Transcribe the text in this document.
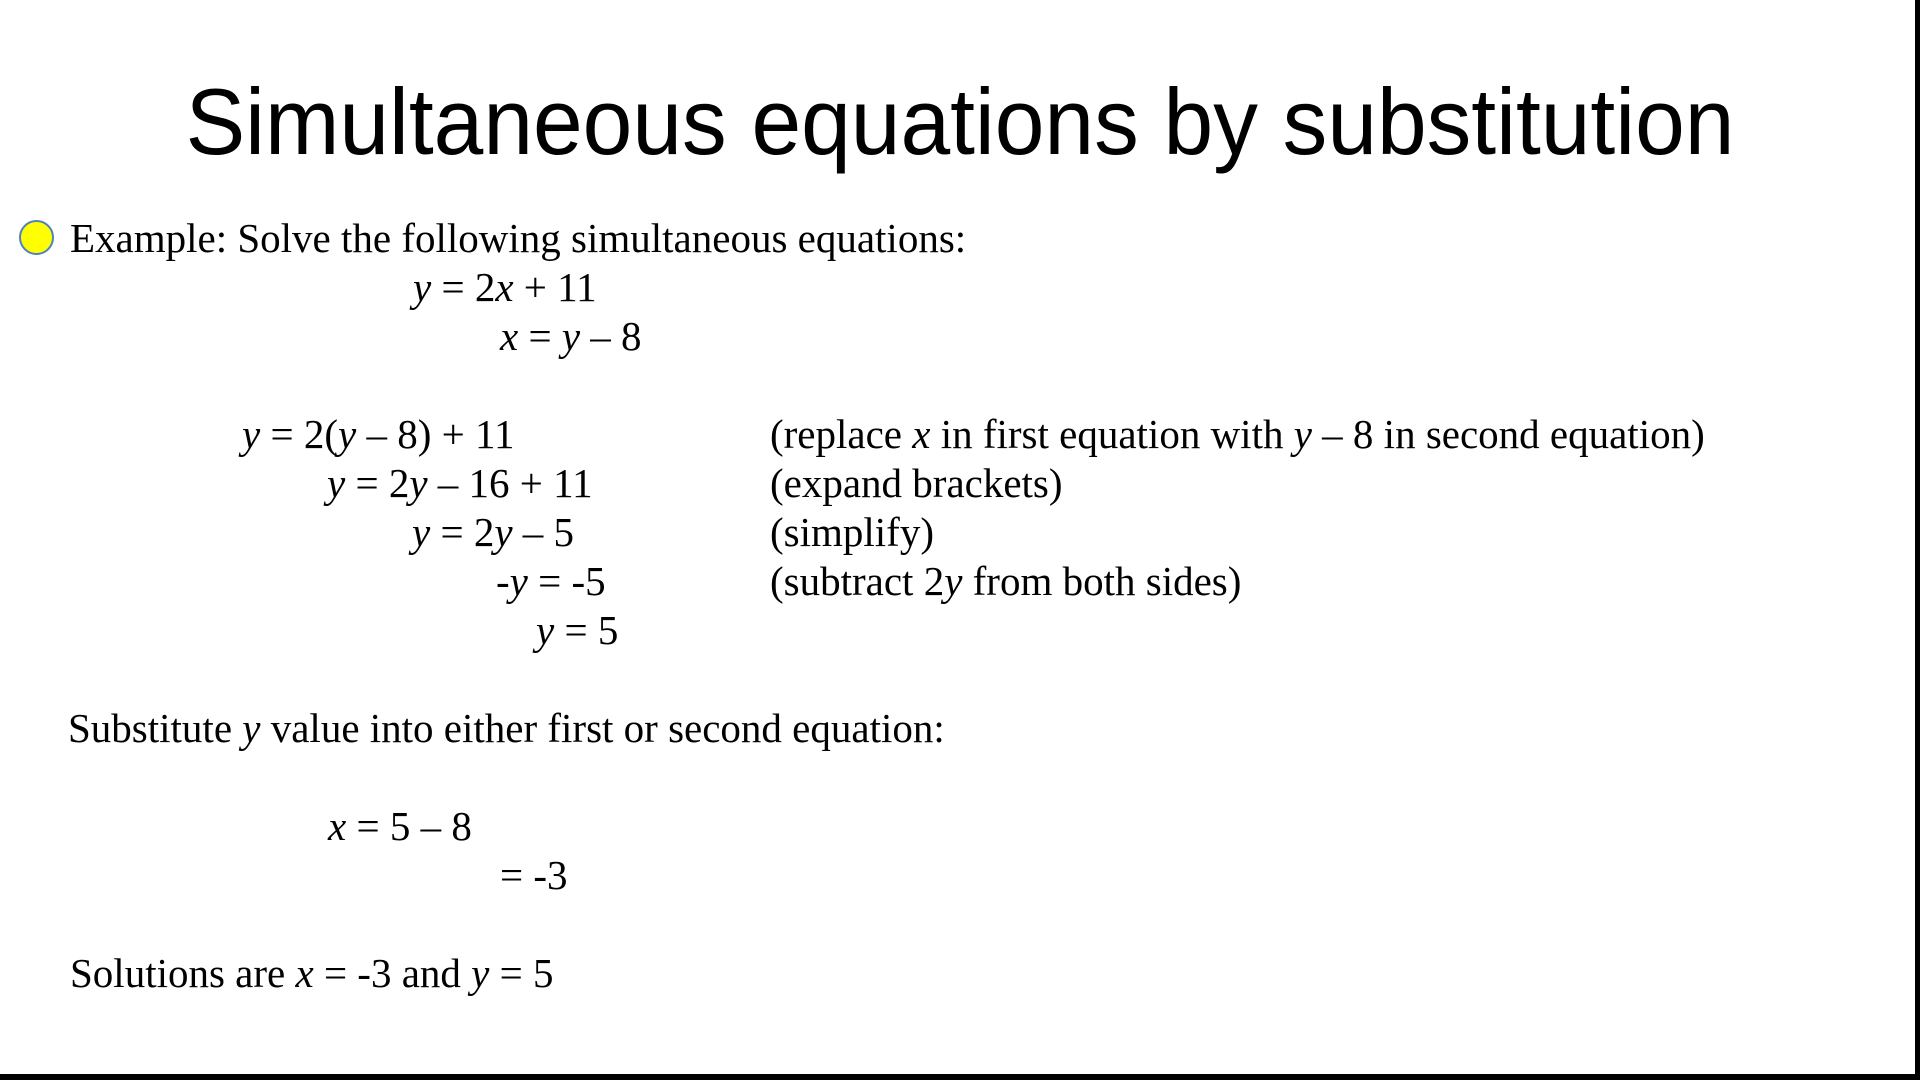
Simultaneous equations by substitution
Example: Solve the following simultaneous equations:
y = 2x + 11
x = y – 8
y = 2(y – 8) + 11	(replace x in first equation with y – 8 in second equation)
y = 2y – 16 + 11	(expand brackets)
y = 2y – 5	(simplify)
-y = -5	(subtract 2y from both sides)
y = 5
Substitute y value into either first or second equation:
x = 5 – 8
= -3
Solutions are x = -3 and y = 5
